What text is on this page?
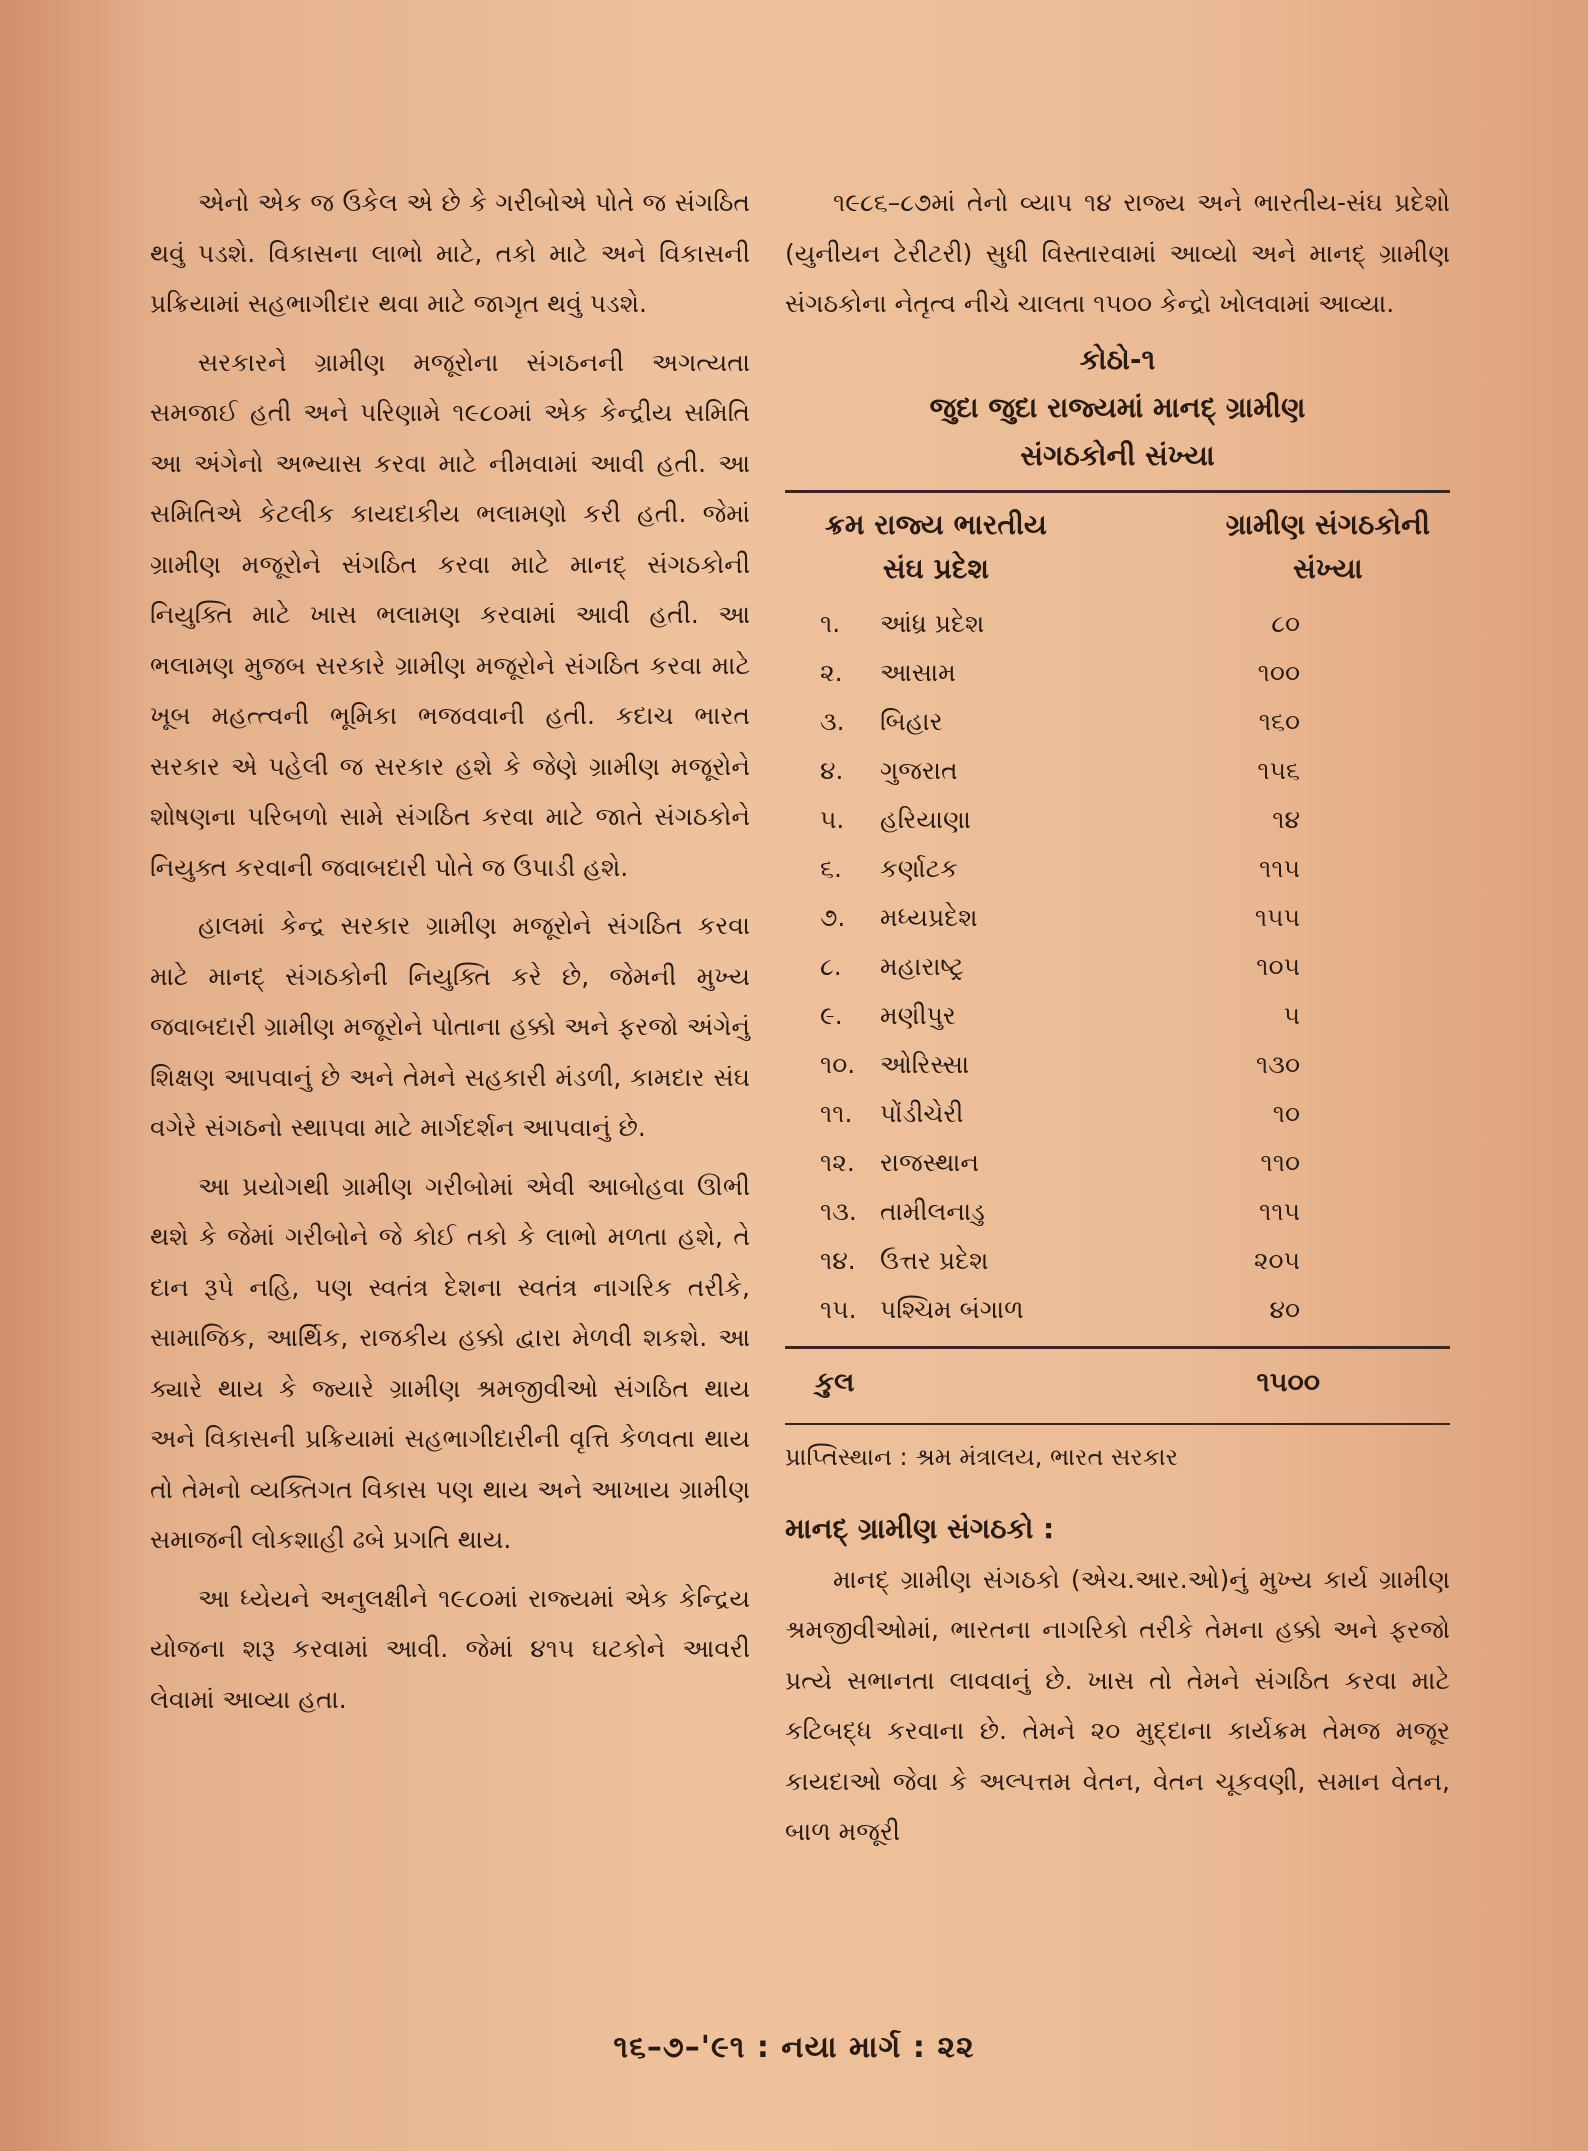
એનો એક જ ઉકેલ એ છે કે ગરીબોએ પોતે જ સંગઠિત થવું પડશે. વિકાસના લાભો માટે, તકો માટે અને વિકાસની પ્રક્રિયામાં સહભાગીદાર થવા માટે જાગૃત થવું પડશે.

સરકારને ગ્રામીણ મજૂરોના સંગઠનની અગત્યતા સમજાઈ હતી અને પરિણામે ૧૯૮૦માં એક કેન્દ્રીય સમિતિ આ અંગેનો અભ્યાસ કરવા માટે નીમવામાં આવી હતી. આ સમિતિએ કેટલીક કાયદાકીય ભલામણો કરી હતી. જેમાં ગ્રામીણ મજૂરોને સંગઠિત કરવા માટે માનદ્ સંગઠકોની નિયુક્તિ માટે ખાસ ભલામણ કરવામાં આવી હતી. આ ભલામણ મુજબ સરકારે ગ્રામીણ મજૂરોને સંગઠિત કરવા માટે ખૂબ મહત્ત્વની ભૂમિકા ભજવવાની હતી. કદાચ ભારત સરકાર એ પહેલી જ સરકાર હશે કે જેણે ગ્રામીણ મજૂરોને શોષણના પરિબળો સામે સંગઠિત કરવા માટે જાતે સંગઠકોને નિયુક્ત કરવાની જવાબદારી પોતે જ ઉપાડી હશે.

હાલમાં કેન્દ્ર સરકાર ગ્રામીણ મજૂરોને સંગઠિત કરવા માટે માનદ્ સંગઠકોની નિયુક્તિ કરે છે, જેમની મુખ્ય જવાબદારી ગ્રામીણ મજૂરોને પોતાના હક્કો અને ફરજો અંગેનું શિક્ષણ આપવાનું છે અને તેમને સહકારી મંડળી, કામદાર સંઘ વગેરે સંગઠનો સ્થાપવા માટે માર્ગદર્શન આપવાનું છે.

આ પ્રયોગથી ગ્રામીણ ગરીબોમાં એવી આબોહવા ઊભી થશે કે જેમાં ગરીબોને જે કોઈ તકો કે લાભો મળતા હશે, તે દાન રૂપે નહિ, પણ સ્વતંત્ર દેશના સ્વતંત્ર નાગરિક તરીકે, સામાજિક, આર્થિક, રાજકીય હક્કો દ્વારા મેળવી શકશે. આ ક્યારે થાય કે જ્યારે ગ્રામીણ શ્રમજીવીઓ સંગઠિત થાય અને વિકાસની પ્રક્રિયામાં સહભાગીદારીની વૃત્તિ કેળવતા થાય તો તેમનો વ્યક્તિગત વિકાસ પણ થાય અને આખાય ગ્રામીણ સમાજની લોકશાહી ઢબે પ્રગતિ થાય.

આ ધ્યેયને અનુલક્ષીને ૧૯૮૦માં રાજ્યમાં એક કેન્દ્રિય યોજના શરૂ કરવામાં આવી. જેમાં ૪૧૫ ઘટકોને આવરી લેવામાં આવ્યા હતા.

૧૯૮૬–૮૭માં તેનો વ્યાપ ૧૪ રાજ્ય અને ભારતીય-સંઘ પ્રદેશો (યુનીયન ટેરીટરી) સુધી વિસ્તારવામાં આવ્યો અને માનદ્ ગ્રામીણ સંગઠકોના નેતૃત્વ નીચે ચાલતા ૧૫૦૦ કેન્દ્રો ખોલવામાં આવ્યા.

કોઠો-૧
જુદા જુદા રાજ્યમાં માનદ્ ગ્રામીણ
સંગઠકોની સંખ્યા
ક્રમ રાજ્ય ભારતીય
સંઘ પ્રદેશ
ગ્રામીણ સંગઠકોની
સંખ્યા
૧. આંધ્ર પ્રદેશ	૮૦
૨. આસામ	૧૦૦
૩. બિહાર	૧૬૦
૪. ગુજરાત	૧૫૬
૫. હરિયાણા	૧૪
૬. કર્ણાટક	૧૧૫
૭. મધ્યપ્રદેશ	૧૫૫
૮. મહારાષ્ટ્ર	૧૦૫
૯. મણીપુર	૫
૧૦. ઓરિસ્સા	૧૩૦
૧૧. પોંડીચેરી	૧૦
૧૨. રાજસ્થાન	૧૧૦
૧૩. તામીલનાડુ	૧૧૫
૧૪. ઉત્તર પ્રદેશ	૨૦૫
૧૫. પશ્ચિમ બંગાળ	૪૦
કુલ	૧૫૦૦
પ્રાપ્તિસ્થાન : શ્રમ મંત્રાલય, ભારત સરકાર
માનદ્ ગ્રામીણ સંગઠકો :

માનદ્ ગ્રામીણ સંગઠકો (એચ.આર.ઓ)નું મુખ્ય કાર્ય ગ્રામીણ શ્રમજીવીઓમાં, ભારતના નાગરિકો તરીકે તેમના હક્કો અને ફરજો પ્રત્યે સભાનતા લાવવાનું છે. ખાસ તો તેમને સંગઠિત કરવા માટે કટિબદ્ધ કરવાના છે. તેમને ૨૦ મુદ્દાના કાર્યક્રમ તેમજ મજૂર કાયદાઓ જેવા કે અલ્પત્તમ વેતન, વેતન ચૂકવણી, સમાન વેતન, બાળ મજૂરી

૧૬–૭–'૯૧ : નયા માર્ગ : ૨૨
